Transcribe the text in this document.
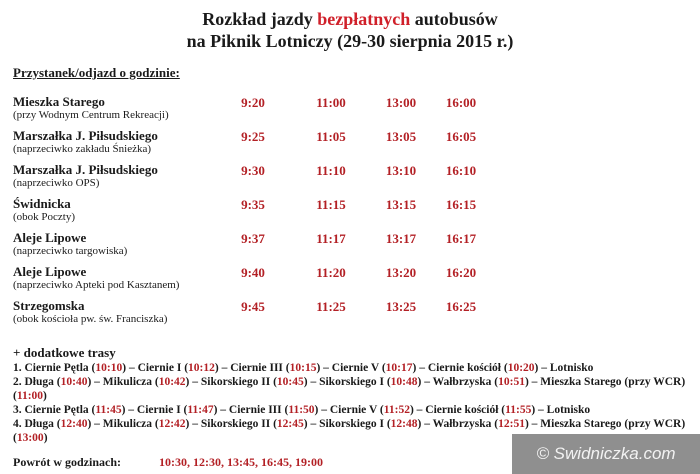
Rozkład jazdy bezpłatnych autobusów
na Piknik Lotniczy (29-30 sierpnia 2015 r.)
Przystanek/odjazd o godzinie:
Mieszka Starego
(przy Wodnym Centrum Rekreacji)
9:20	11:00	13:00	16:00
Marszałka J. Piłsudskiego
(naprzeciwko zakładu Śnieżka)
9:25	11:05	13:05	16:05
Marszałka J. Piłsudskiego
(naprzeciwko OPS)
9:30	11:10	13:10	16:10
Świdnicka
(obok Poczty)
9:35	11:15	13:15	16:15
Aleje Lipowe
(naprzeciwko targowiska)
9:37	11:17	13:17	16:17
Aleje Lipowe
(naprzeciwko Apteki pod Kasztanem)
9:40	11:20	13:20	16:20
Strzegomska
(obok kościoła pw. św. Franciszka)
9:45	11:25	13:25	16:25
+ dodatkowe trasy
1. Ciernie Pętla (10:10) – Ciernie I (10:12) – Ciernie III (10:15) – Ciernie V (10:17) – Ciernie kościół (10:20) – Lotnisko
2. Długa (10:40) – Mikulicza (10:42) – Sikorskiego II (10:45) – Sikorskiego I (10:48) – Wałbrzyska (10:51) – Mieszka Starego (przy WCR)
(11:00)
3. Ciernie Pętla (11:45) – Ciernie I (11:47) – Ciernie III (11:50) – Ciernie V (11:52) – Ciernie kościół (11:55) – Lotnisko
4. Długa (12:40) – Mikulicza (12:42) – Sikorskiego II (12:45) – Sikorskiego I (12:48) – Wałbrzyska (12:51) – Mieszka Starego (przy WCR)
(13:00)
Powrót w godzinach:	10:30, 12:30, 13:45, 16:45, 19:00	© Swidniczka.com
